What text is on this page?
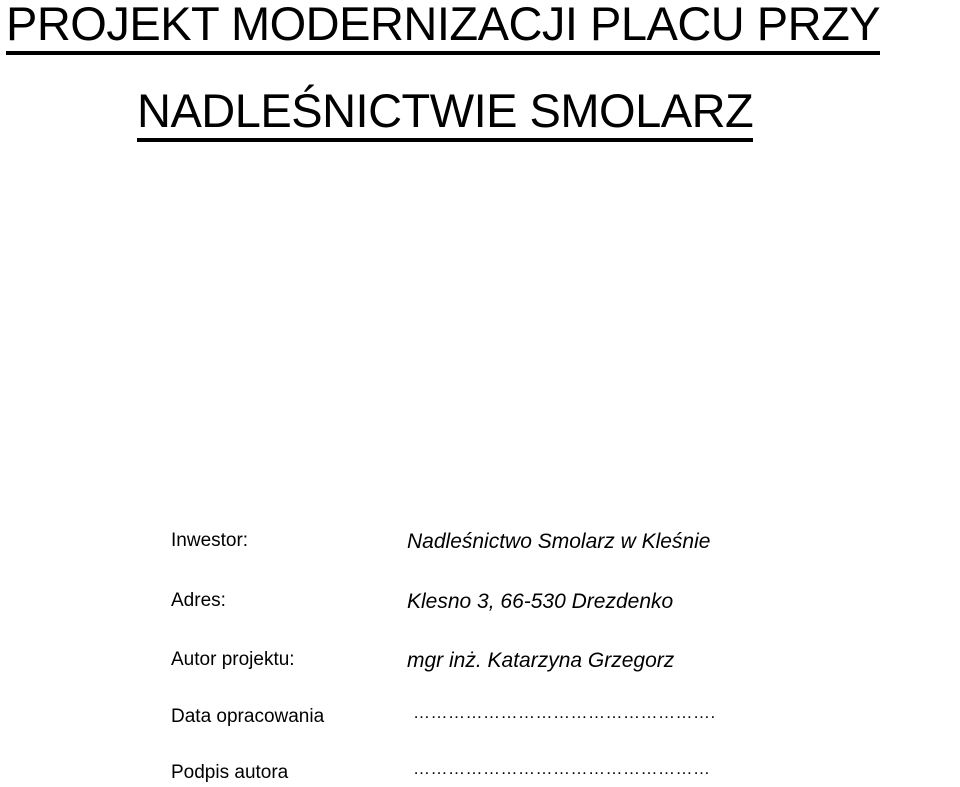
PROJEKT MODERNIZACJI PLACU PRZY
NADLEŚNICTWIE SMOLARZ
Inwestor:	Nadleśnictwo Smolarz w Kleśnie
Adres:	Klesno 3, 66-530 Drezdenko
Autor projektu:	mgr inż. Katarzyna Grzegorz
Data opracowania	…………………………………………….
Podpis autora	……………………………………………
